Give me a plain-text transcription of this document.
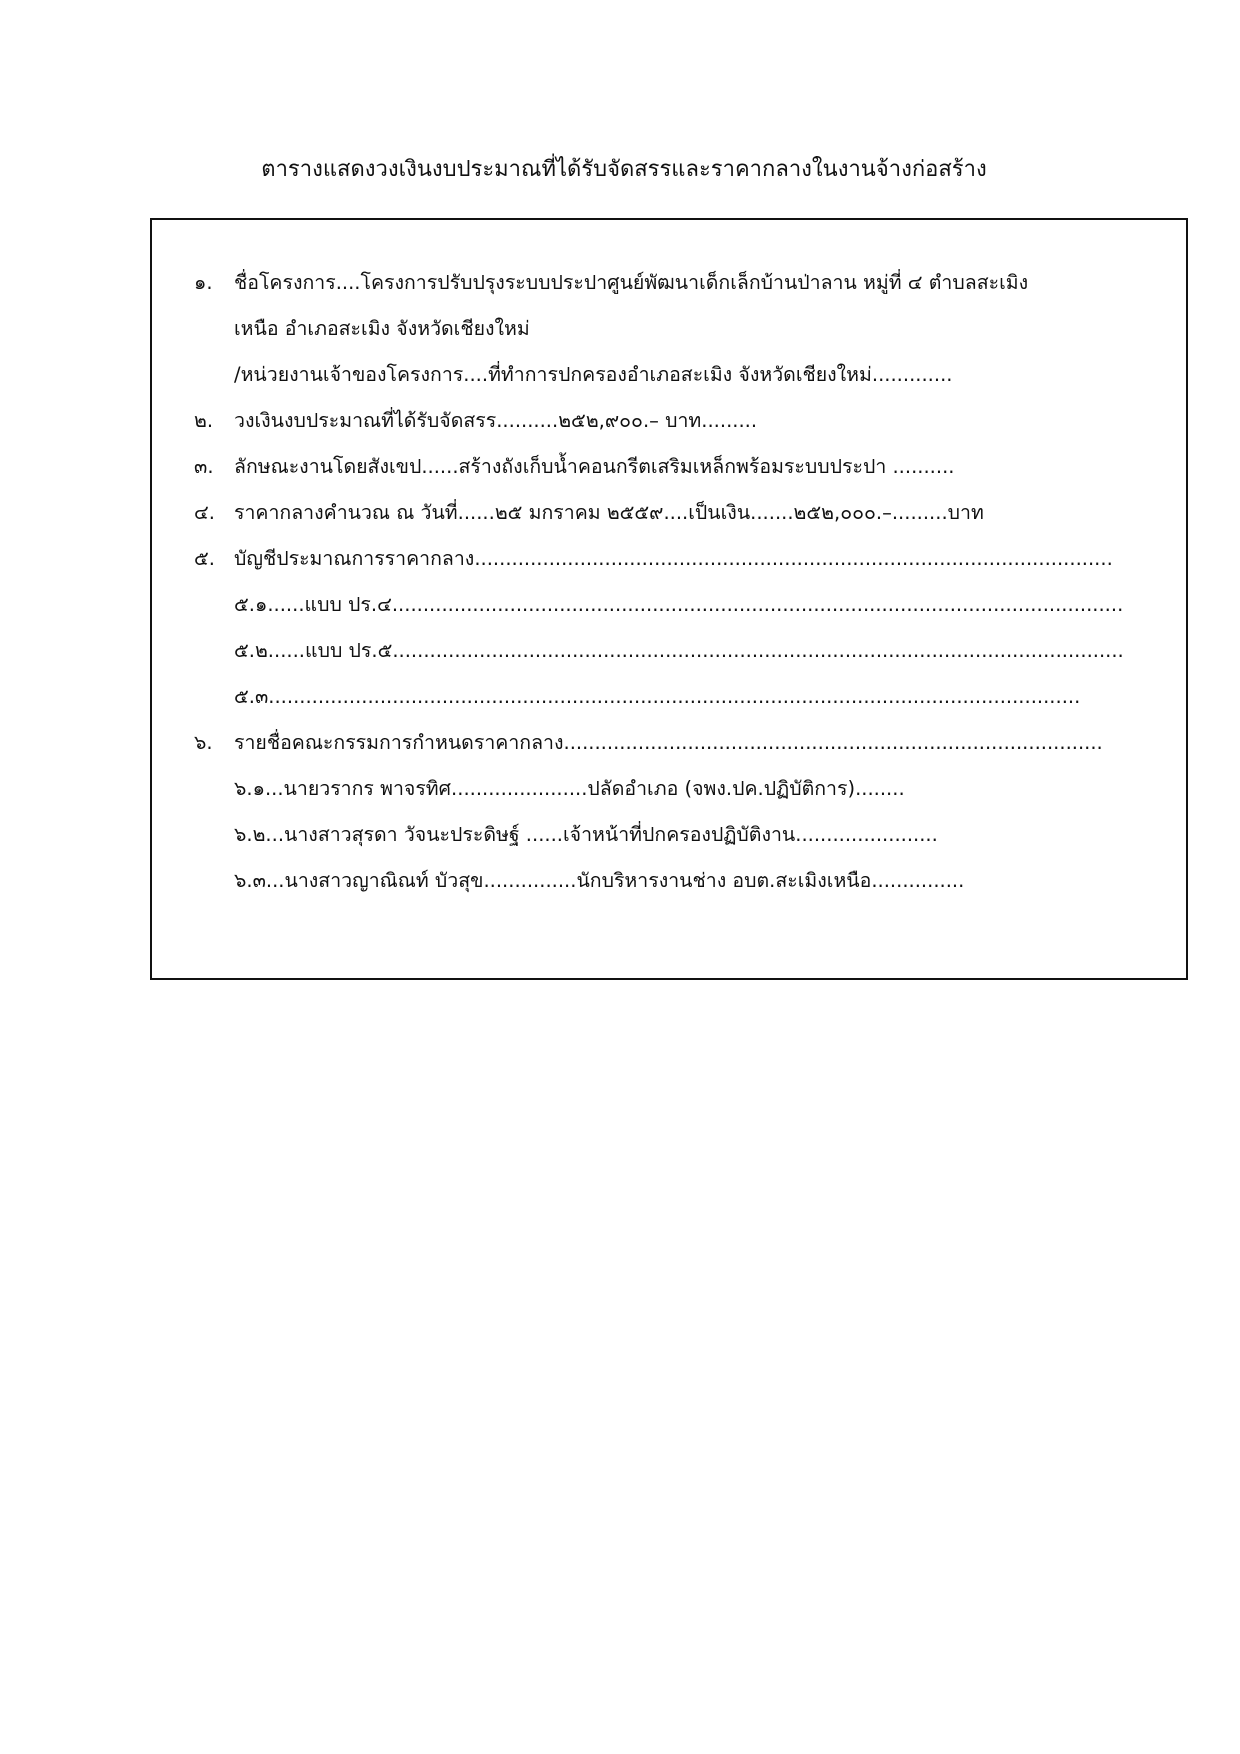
ตารางแสดงวงเงินงบประมาณที่ได้รับจัดสรรและราคากลางในงานจ้างก่อสร้าง
๑. ชื่อโครงการ....โครงการปรับปรุงระบบประปาศูนย์พัฒนาเด็กเล็กบ้านป่าลาน หมู่ที่ ๔ ตำบลสะเมิง
เหนือ อำเภอสะเมิง จังหวัดเชียงใหม่
/หน่วยงานเจ้าของโครงการ....ที่ทำการปกครองอำเภอสะเมิง จังหวัดเชียงใหม่.............
๒. วงเงินงบประมาณที่ได้รับจัดสรร..........๒๕๒,๙๐๐.– บาท.........
๓. ลักษณะงานโดยสังเขป......สร้างถังเก็บน้ำคอนกรีตเสริมเหล็กพร้อมระบบประปา ..........
๔. ราคากลางคำนวณ ณ วันที่......๒๕ มกราคม ๒๕๕๙....เป็นเงิน.......๒๕๒,๐๐๐.–.........บาท
๕. บัญชีประมาณการราคากลาง.......................................................................................................
๕.๑......แบบ ปร.๔......................................................................................................................
๕.๒......แบบ ปร.๕......................................................................................................................
๕.๓...................................................................................................................................
๖. รายชื่อคณะกรรมการกำหนดราคากลาง.......................................................................................
๖.๑...นายวรากร พาจรทิศ......................ปลัดอำเภอ (จพง.ปค.ปฏิบัติการ)........
๖.๒...นางสาวสุรดา วัจนะประดิษฐ์ ......เจ้าหน้าที่ปกครองปฏิบัติงาน.......................
๖.๓...นางสาวญาณิณท์ บัวสุข...............นักบริหารงานช่าง อบต.สะเมิงเหนือ...............
